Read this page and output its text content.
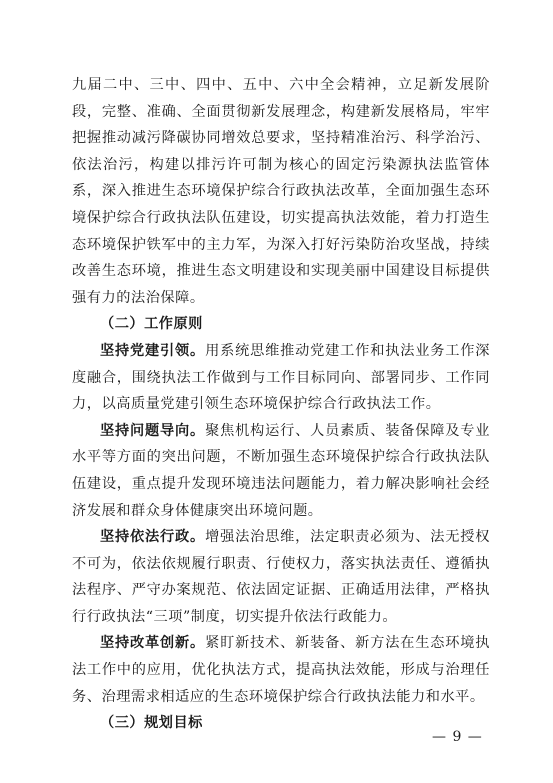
九届二中、三中、四中、五中、六中全会精神，立足新发展阶段，完整、准确、全面贯彻新发展理念，构建新发展格局，牢牢把握推动减污降碳协同增效总要求，坚持精准治污、科学治污、依法治污，构建以排污许可制为核心的固定污染源执法监管体系，深入推进生态环境保护综合行政执法改革，全面加强生态环境保护综合行政执法队伍建设，切实提高执法效能，着力打造生态环境保护铁军中的主力军，为深入打好污染防治攻坚战，持续改善生态环境，推进生态文明建设和实现美丽中国建设目标提供强有力的法治保障。

（二）工作原则

坚持党建引领。用系统思维推动党建工作和执法业务工作深度融合，围绕执法工作做到与工作目标同向、部署同步、工作同力，以高质量党建引领生态环境保护综合行政执法工作。

坚持问题导向。聚焦机构运行、人员素质、装备保障及专业水平等方面的突出问题，不断加强生态环境保护综合行政执法队伍建设，重点提升发现环境违法问题能力，着力解决影响社会经济发展和群众身体健康突出环境问题。

坚持依法行政。增强法治思维，法定职责必须为、法无授权不可为，依法依规履行职责、行使权力，落实执法责任、遵循执法程序、严守办案规范、依法固定证据、正确适用法律，严格执行行政执法“三项”制度，切实提升依法行政能力。

坚持改革创新。紧盯新技术、新装备、新方法在生态环境执法工作中的应用，优化执法方式，提高执法效能，形成与治理任务、治理需求相适应的生态环境保护综合行政执法能力和水平。

（三）规划目标

— 9 —
